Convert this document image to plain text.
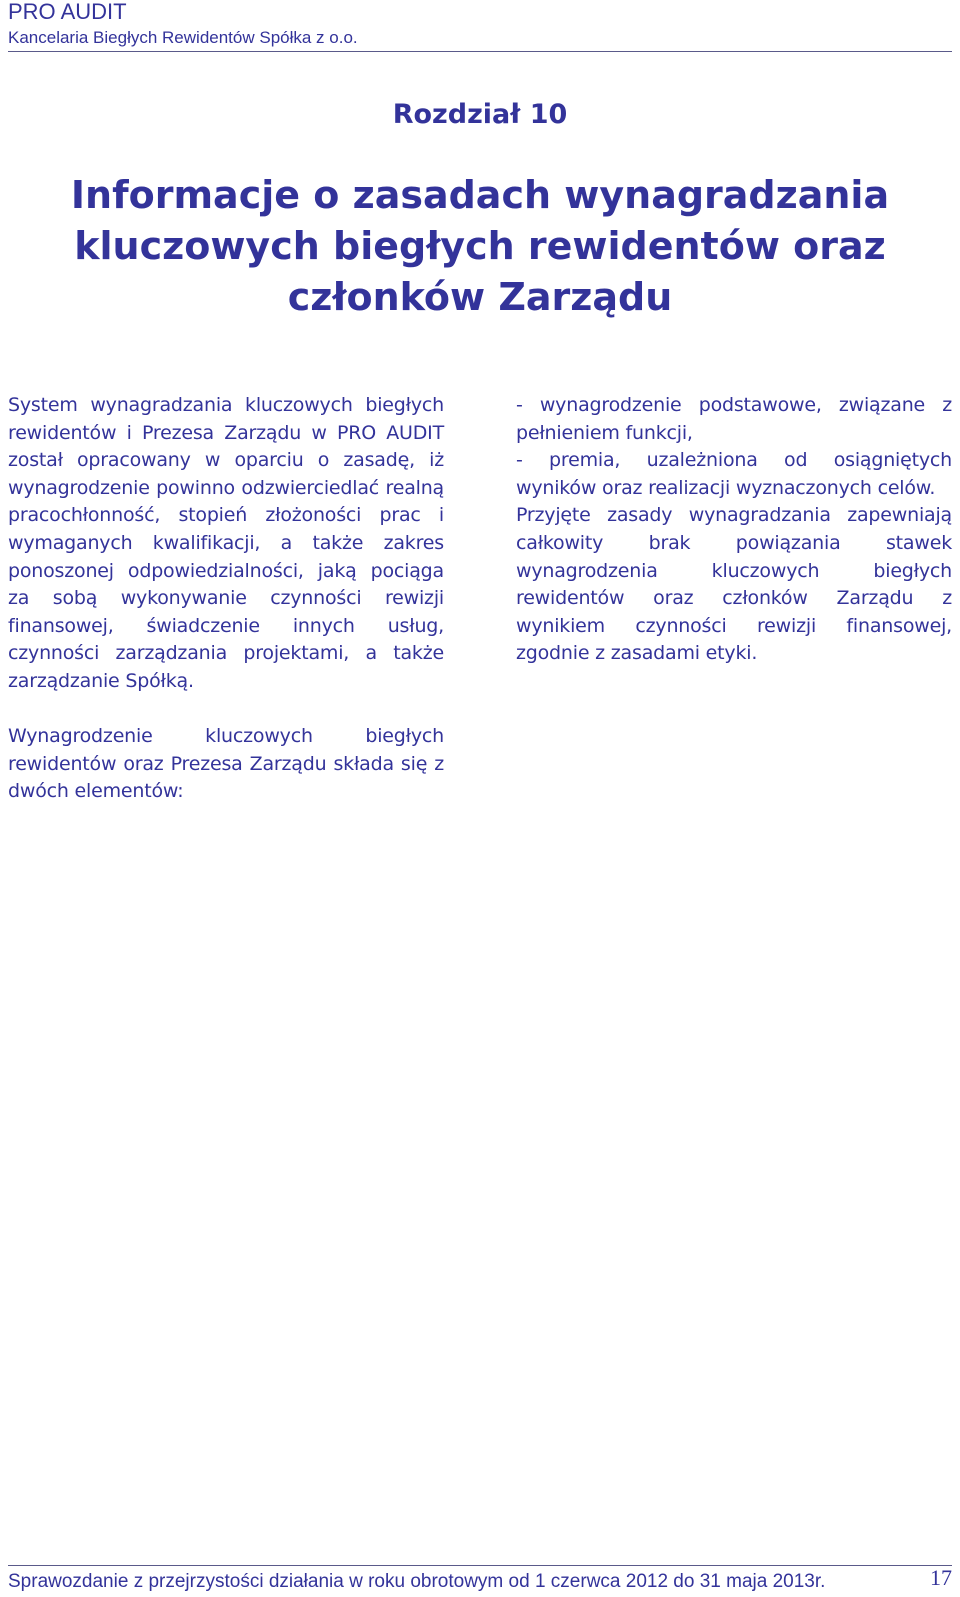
PRO AUDIT
Kancelaria Biegłych Rewidentów Spółka z o.o.
Rozdział 10
Informacje o zasadach wynagradzania
kluczowych biegłych rewidentów oraz
członków Zarządu

System wynagradzania kluczowych biegłych rewidentów i Prezesa Zarządu w PRO AUDIT został opracowany w oparciu o zasadę, iż wynagrodzenie powinno odzwierciedlać realną pracochłonność, stopień złożoności prac i wymaganych kwalifikacji, a także zakres ponoszonej odpowiedzialności, jaką pociąga za sobą wykonywanie czynności rewizji finansowej, świadczenie innych usług, czynności zarządzania projektami, a także zarządzanie Spółką.

Wynagrodzenie kluczowych biegłych rewidentów oraz Prezesa Zarządu składa się z dwóch elementów:

- wynagrodzenie podstawowe, związane z pełnieniem funkcji,

- premia, uzależniona od osiągniętych wyników oraz realizacji wyznaczonych celów.

Przyjęte zasady wynagradzania zapewniają całkowity brak powiązania stawek wynagrodzenia kluczowych biegłych rewidentów oraz członków Zarządu z wynikiem czynności rewizji finansowej, zgodnie z zasadami etyki.

Sprawozdanie z przejrzystości działania w roku obrotowym od 1 czerwca 2012 do 31 maja 2013r.	17
